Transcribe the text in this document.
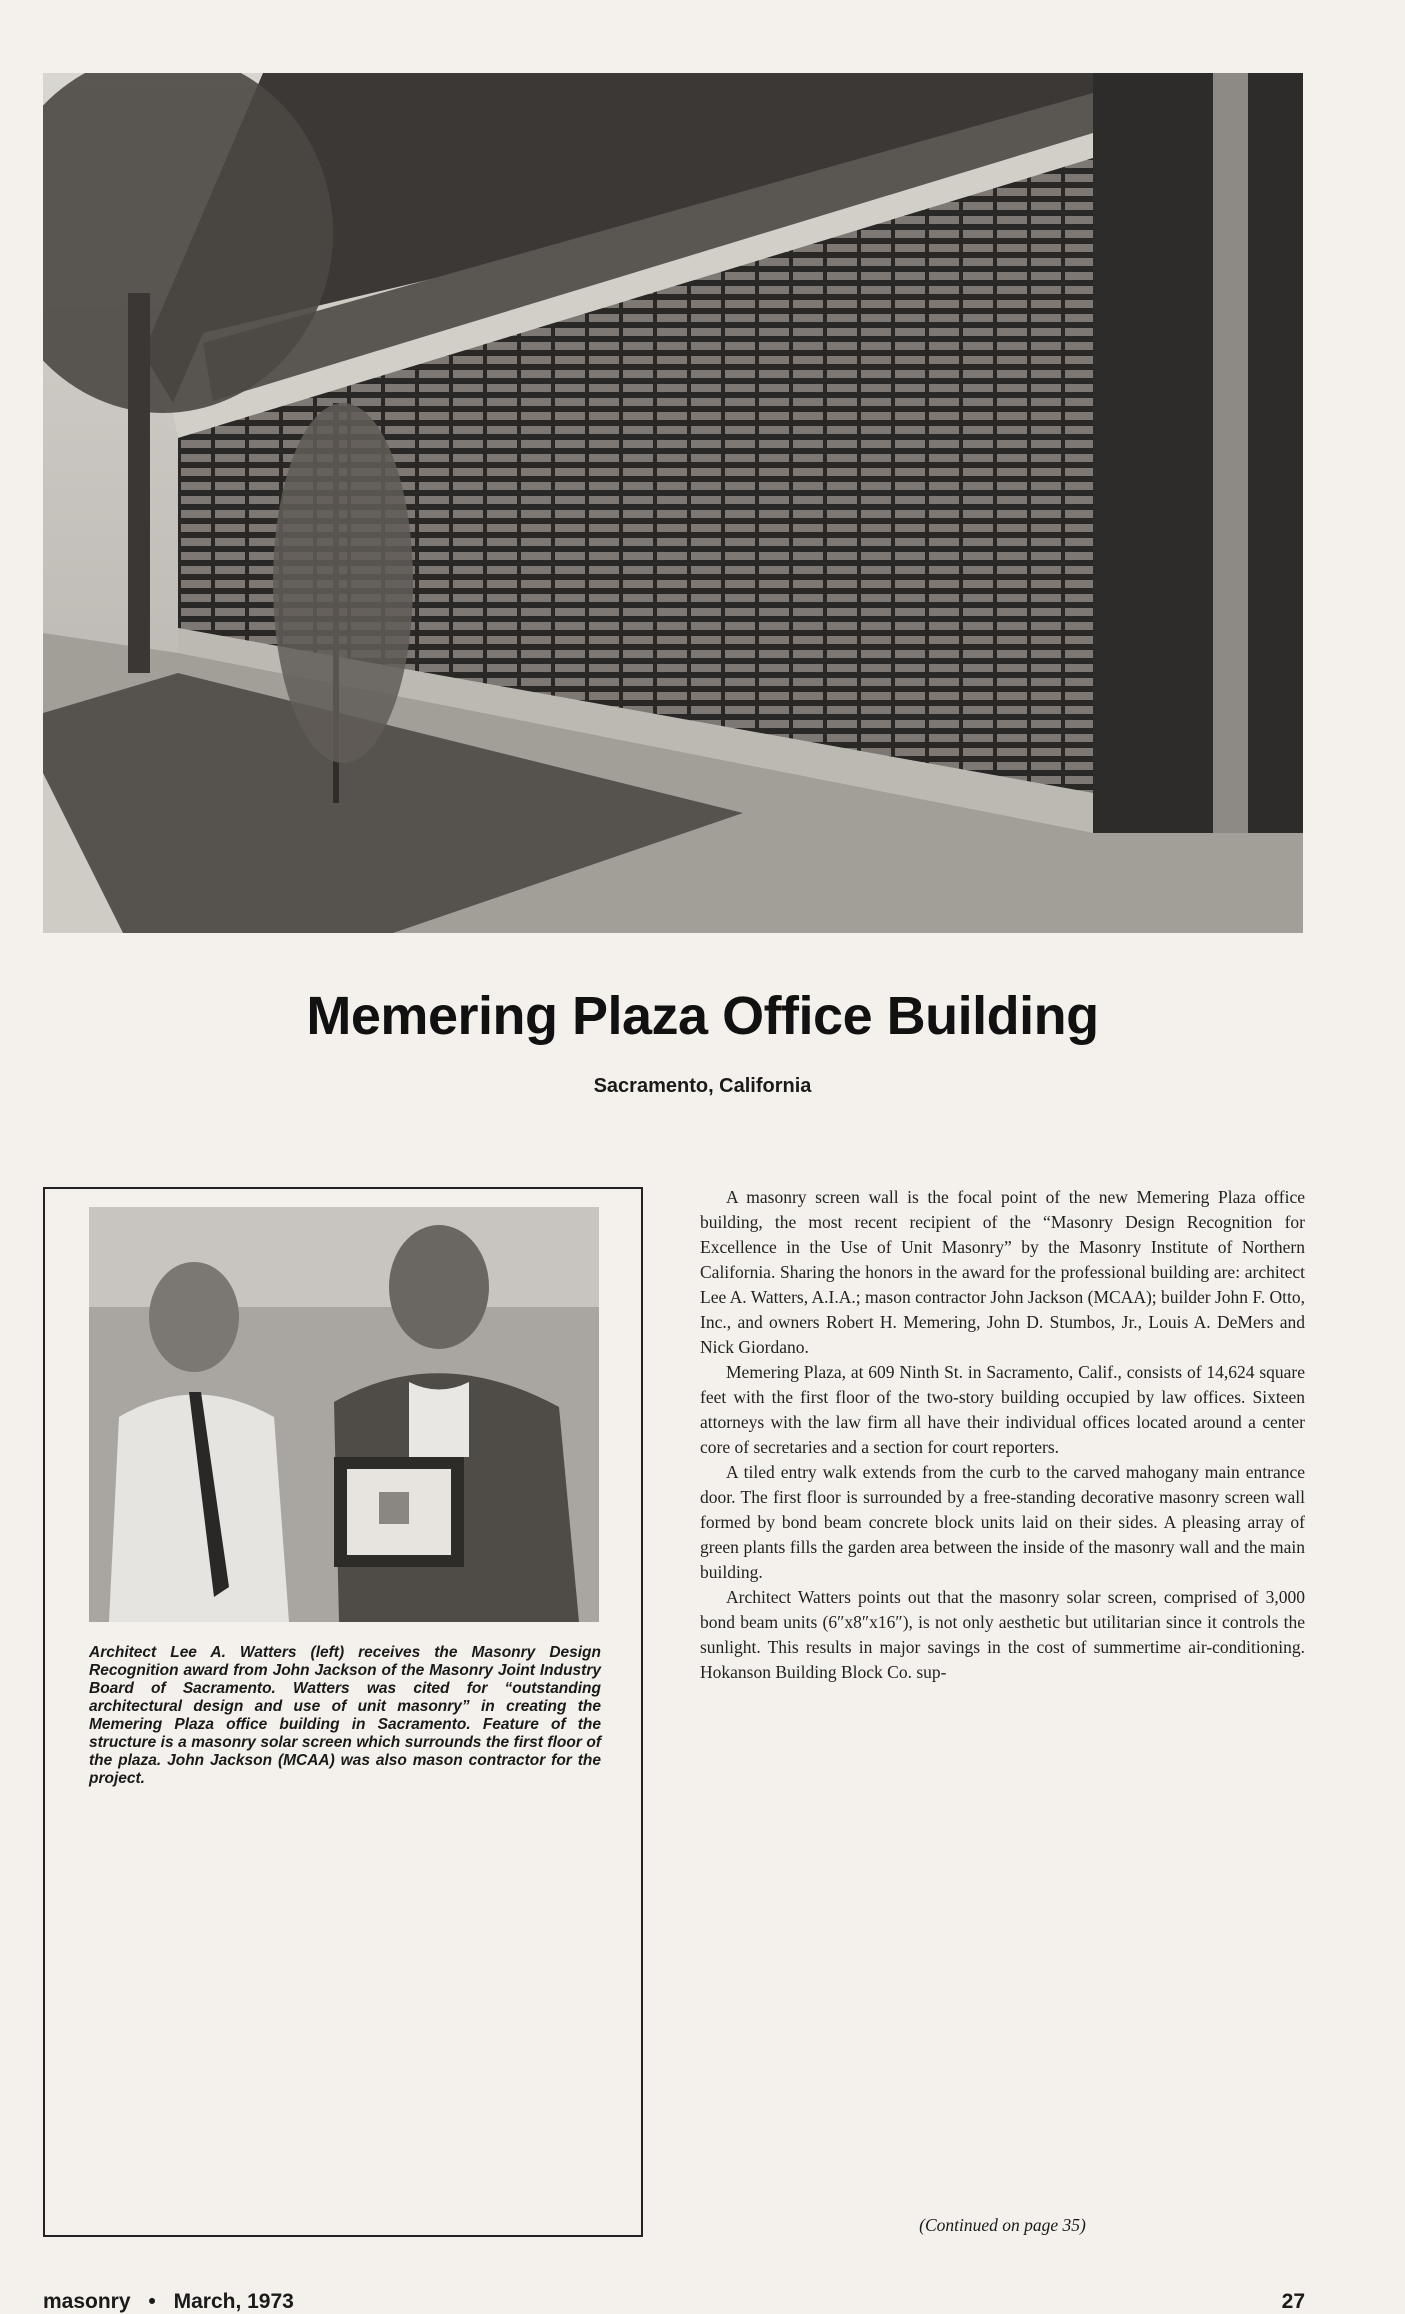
Memering Plaza Office Building
Sacramento, California
Architect Lee A. Watters (left) receives the Masonry Design Recognition award from John Jackson of the Masonry Joint Industry Board of Sacramento. Watters was cited for “outstanding architectural design and use of unit masonry” in creating the Memering Plaza office building in Sacramento. Feature of the structure is a masonry solar screen which surrounds the first floor of the plaza. John Jackson (MCAA) was also mason contractor for the project.

A masonry screen wall is the focal point of the new Memering Plaza office building, the most recent recipient of the “Masonry Design Recognition for Excellence in the Use of Unit Masonry” by the Masonry Institute of Northern California. Sharing the honors in the award for the professional building are: architect Lee A. Watters, A.I.A.; mason contractor John Jackson (MCAA); builder John F. Otto, Inc., and owners Robert H. Memering, John D. Stumbos, Jr., Louis A. DeMers and Nick Giordano.

Memering Plaza, at 609 Ninth St. in Sacramento, Calif., consists of 14,624 square feet with the first floor of the two-story building occupied by law offices. Sixteen attorneys with the law firm all have their individual offices located around a center core of secretaries and a section for court reporters.

A tiled entry walk extends from the curb to the carved mahogany main entrance door. The first floor is surrounded by a free-standing decorative masonry screen wall formed by bond beam concrete block units laid on their sides. A pleasing array of green plants fills the garden area between the inside of the masonry wall and the main building.

Architect Watters points out that the masonry solar screen, comprised of 3,000 bond beam units (6″x8″x16″), is not only aesthetic but utilitarian since it controls the sunlight. This results in major savings in the cost of summertime air-conditioning. Hokanson Building Block Co. sup-

(Continued on page 35)
masonry • March, 1973	27
